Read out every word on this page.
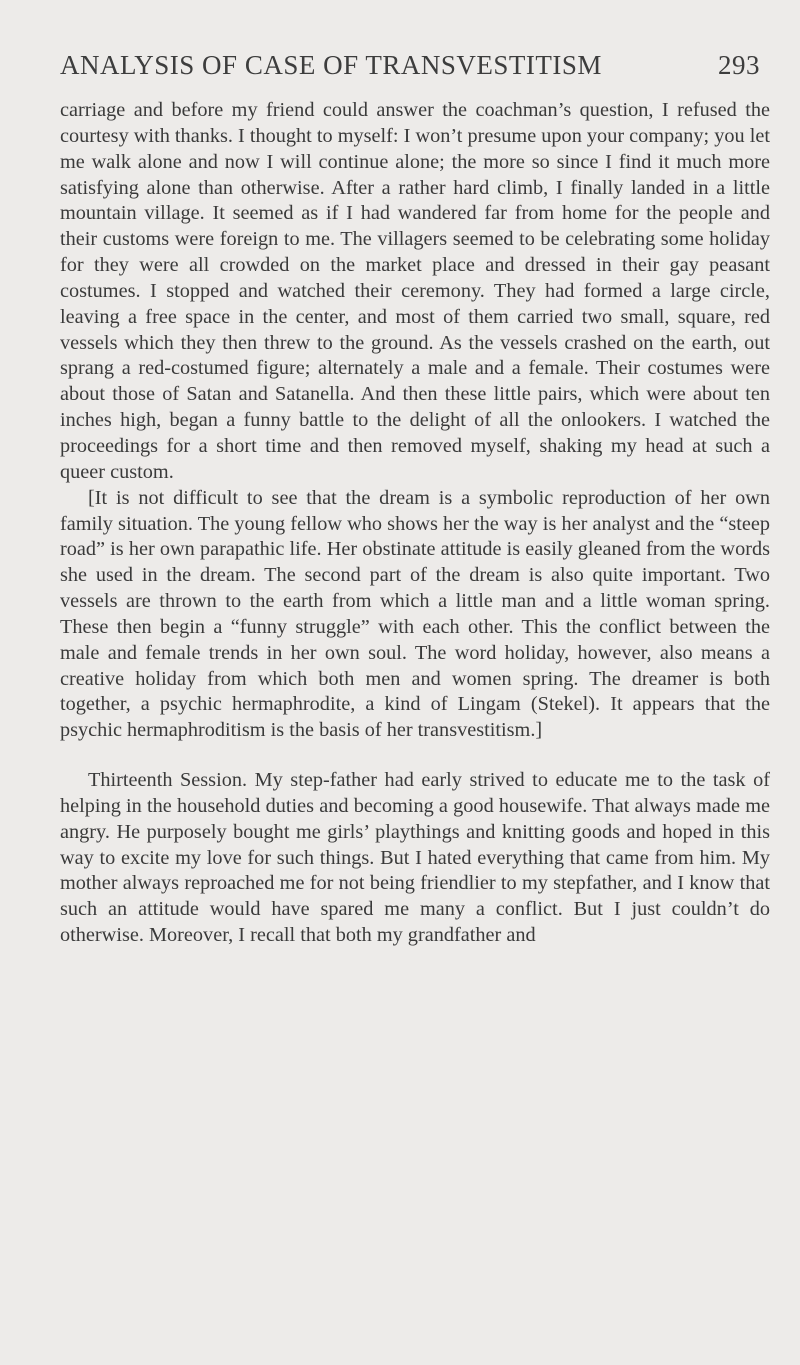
ANALYSIS OF CASE OF TRANSVESTITISM	293

carriage and before my friend could answer the coachman’s question, I refused the courtesy with thanks. I thought to myself: I won’t presume upon your company; you let me walk alone and now I will continue alone; the more so since I find it much more satisfying alone than otherwise. After a rather hard climb, I finally landed in a little mountain village. It seemed as if I had wandered far from home for the people and their customs were foreign to me. The villagers seemed to be celebrating some holiday for they were all crowded on the market place and dressed in their gay peasant costumes. I stopped and watched their ceremony. They had formed a large circle, leaving a free space in the center, and most of them carried two small, square, red vessels which they then threw to the ground. As the vessels crashed on the earth, out sprang a red-costumed figure; alternately a male and a female. Their costumes were about those of Satan and Satanella. And then these little pairs, which were about ten inches high, began a funny battle to the delight of all the onlookers. I watched the proceedings for a short time and then removed myself, shaking my head at such a queer custom.

[It is not difficult to see that the dream is a symbolic reproduction of her own family situation. The young fellow who shows her the way is her analyst and the “steep road” is her own parapathic life. Her obstinate attitude is easily gleaned from the words she used in the dream. The second part of the dream is also quite important. Two vessels are thrown to the earth from which a little man and a little woman spring. These then begin a “funny struggle” with each other. This the conflict between the male and female trends in her own soul. The word holiday, however, also means a creative holiday from which both men and women spring. The dreamer is both together, a psychic hermaphrodite, a kind of Lingam (Stekel). It appears that the psychic hermaphroditism is the basis of her transvestitism.]

Thirteenth Session. My step-father had early strived to educate me to the task of helping in the household duties and becoming a good housewife. That always made me angry. He purposely bought me girls’ playthings and knitting goods and hoped in this way to excite my love for such things. But I hated everything that came from him. My mother always reproached me for not being friendlier to my stepfather, and I know that such an attitude would have spared me many a conflict. But I just couldn’t do otherwise. Moreover, I recall that both my grandfather and
